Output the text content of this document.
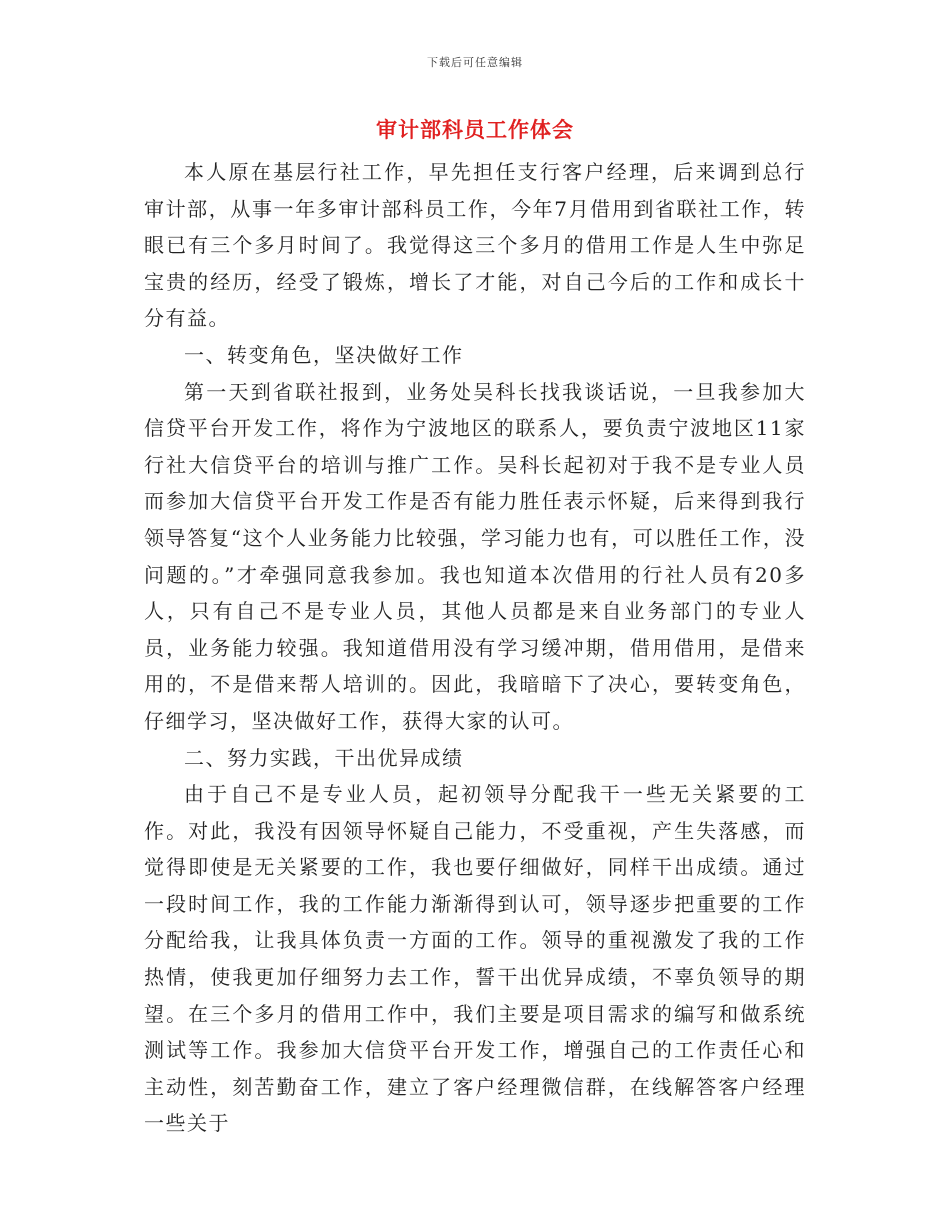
下载后可任意编辑
审计部科员工作体会

本人原在基层行社工作，早先担任支行客户经理，后来调到总行审计部，从事一年多审计部科员工作，今年7月借用到省联社工作，转眼已有三个多月时间了。我觉得这三个多月的借用工作是人生中弥足宝贵的经历，经受了锻炼，增长了才能，对自己今后的工作和成长十分有益。

一、转变角色，坚决做好工作

第一天到省联社报到，业务处吴科长找我谈话说，一旦我参加大信贷平台开发工作，将作为宁波地区的联系人，要负责宁波地区11家行社大信贷平台的培训与推广工作。吴科长起初对于我不是专业人员而参加大信贷平台开发工作是否有能力胜任表示怀疑，后来得到我行领导答复“这个人业务能力比较强，学习能力也有，可以胜任工作，没问题的。”才牵强同意我参加。我也知道本次借用的行社人员有20多人，只有自己不是专业人员，其他人员都是来自业务部门的专业人员，业务能力较强。我知道借用没有学习缓冲期，借用借用，是借来用的，不是借来帮人培训的。因此，我暗暗下了决心，要转变角色，仔细学习，坚决做好工作，获得大家的认可。

二、努力实践，干出优异成绩

由于自己不是专业人员，起初领导分配我干一些无关紧要的工作。对此，我没有因领导怀疑自己能力，不受重视，产生失落感，而觉得即使是无关紧要的工作，我也要仔细做好，同样干出成绩。通过一段时间工作，我的工作能力渐渐得到认可，领导逐步把重要的工作分配给我，让我具体负责一方面的工作。领导的重视激发了我的工作热情，使我更加仔细努力去工作，誓干出优异成绩，不辜负领导的期望。在三个多月的借用工作中，我们主要是项目需求的编写和做系统测试等工作。我参加大信贷平台开发工作，增强自己的工作责任心和主动性，刻苦勤奋工作，建立了客户经理微信群，在线解答客户经理一些关于
